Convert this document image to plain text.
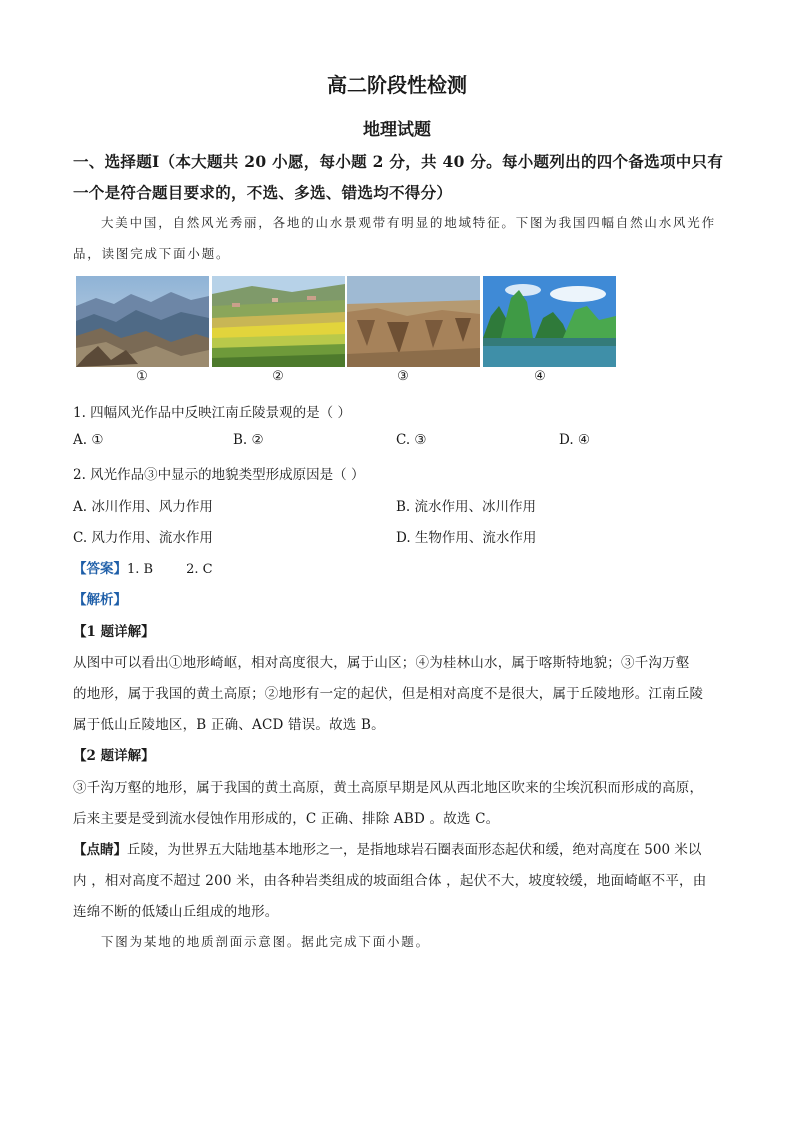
高二阶段性检测
地理试题
一、选择题Ⅰ（本大题共 20 小愿，每小题 2 分，共 40 分。每小题列出的四个备选项中只有
一个是符合题目要求的，不选、多选、错选均不得分）
大美中国，自然风光秀丽，各地的山水景观带有明显的地域特征。下图为我国四幅自然山水风光作
品，读图完成下面小题。
①	②	③	④
1. 四幅风光作品中反映江南丘陵景观的是（ ）
A. ①	B. ②	C. ③	D. ④
2. 风光作品③中显示的地貌类型形成原因是（ ）
A. 冰川作用、风力作用	B. 流水作用、冰川作用
C. 风力作用、流水作用	D. 生物作用、流水作用
【答案】1. B        2. C
【解析】
【1 题详解】
从图中可以看出①地形崎岖，相对高度很大，属于山区；④为桂林山水，属于喀斯特地貌；③千沟万壑
的地形，属于我国的黄土高原；②地形有一定的起伏，但是相对高度不是很大，属于丘陵地形。江南丘陵
属于低山丘陵地区，B 正确、ACD 错误。故选 B。
【2 题详解】
③千沟万壑的地形，属于我国的黄土高原，黄土高原早期是风从西北地区吹来的尘埃沉积而形成的高原，
后来主要是受到流水侵蚀作用形成的，C 正确、排除 ABD 。故选 C。
【点睛】丘陵，为世界五大陆地基本地形之一，是指地球岩石圈表面形态起伏和缓，绝对高度在 500 米以
内 ，相对高度不超过 200 米，由各种岩类组成的坡面组合体 ，起伏不大，坡度较缓，地面崎岖不平，由
连绵不断的低矮山丘组成的地形。
下图为某地的地质剖面示意图。据此完成下面小题。
